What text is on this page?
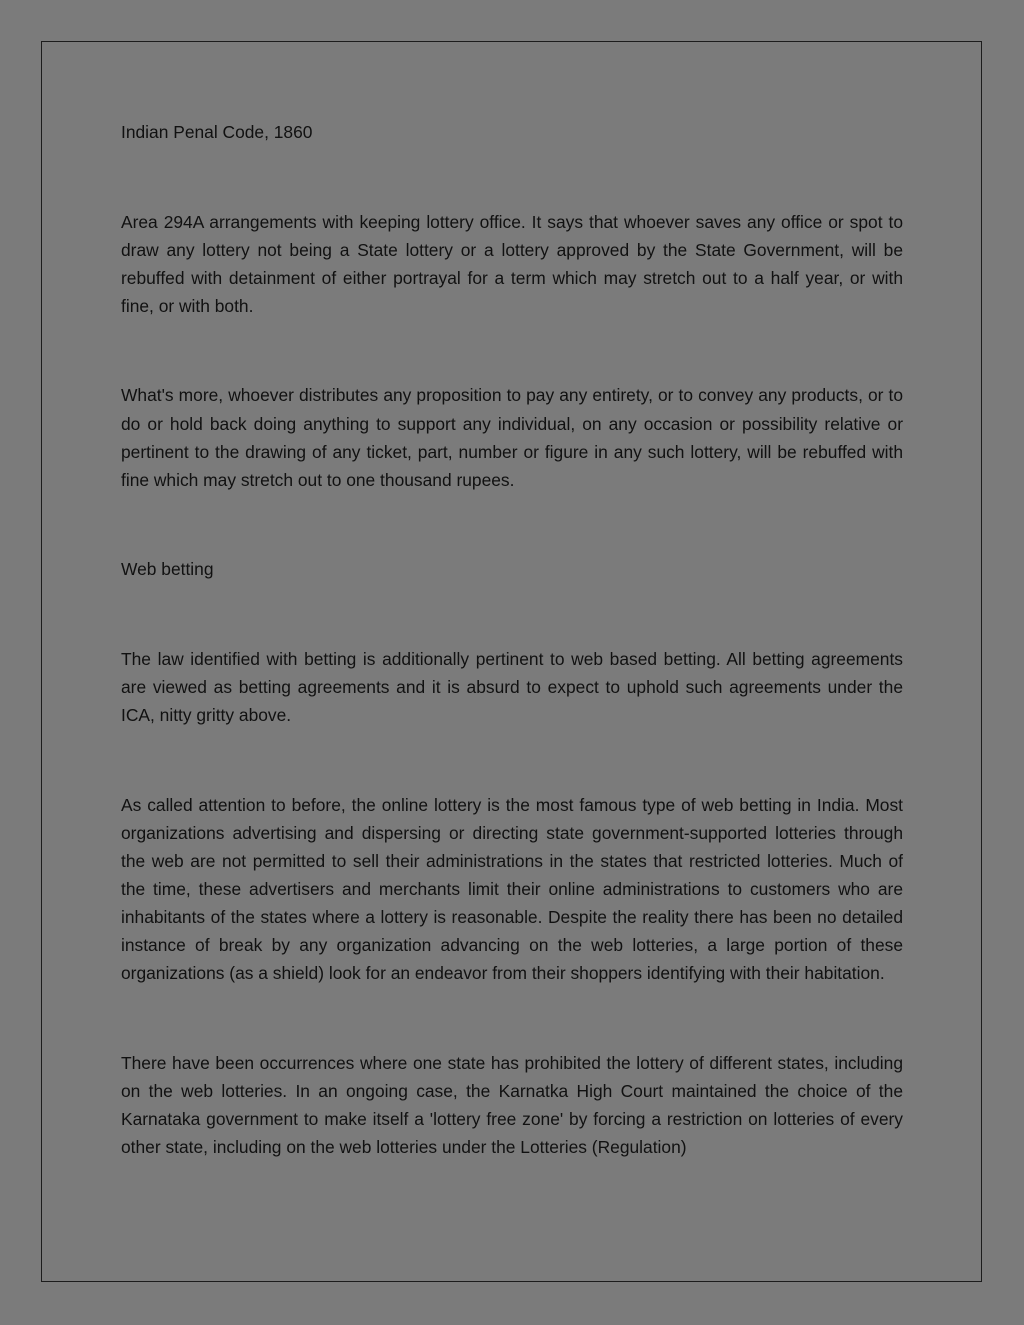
Indian Penal Code, 1860

Area 294A arrangements with keeping lottery office. It says that whoever saves any office or spot to draw any lottery not being a State lottery or a lottery approved by the State Government, will be rebuffed with detainment of either portrayal for a term which may stretch out to a half year, or with fine, or with both.

What's more, whoever distributes any proposition to pay any entirety, or to convey any products, or to do or hold back doing anything to support any individual, on any occasion or possibility relative or pertinent to the drawing of any ticket, part, number or figure in any such lottery, will be rebuffed with fine which may stretch out to one thousand rupees.

Web betting

The law identified with betting is additionally pertinent to web based betting. All betting agreements are viewed as betting agreements and it is absurd to expect to uphold such agreements under the ICA, nitty gritty above.

As called attention to before, the online lottery is the most famous type of web betting in India. Most organizations advertising and dispersing or directing state government-supported lotteries through the web are not permitted to sell their administrations in the states that restricted lotteries. Much of the time, these advertisers and merchants limit their online administrations to customers who are inhabitants of the states where a lottery is reasonable. Despite the reality there has been no detailed instance of break by any organization advancing on the web lotteries, a large portion of these organizations (as a shield) look for an endeavor from their shoppers identifying with their habitation.

There have been occurrences where one state has prohibited the lottery of different states, including on the web lotteries. In an ongoing case, the Karnatka High Court maintained the choice of the Karnataka government to make itself a 'lottery free zone' by forcing a restriction on lotteries of every other state, including on the web lotteries under the Lotteries (Regulation)
